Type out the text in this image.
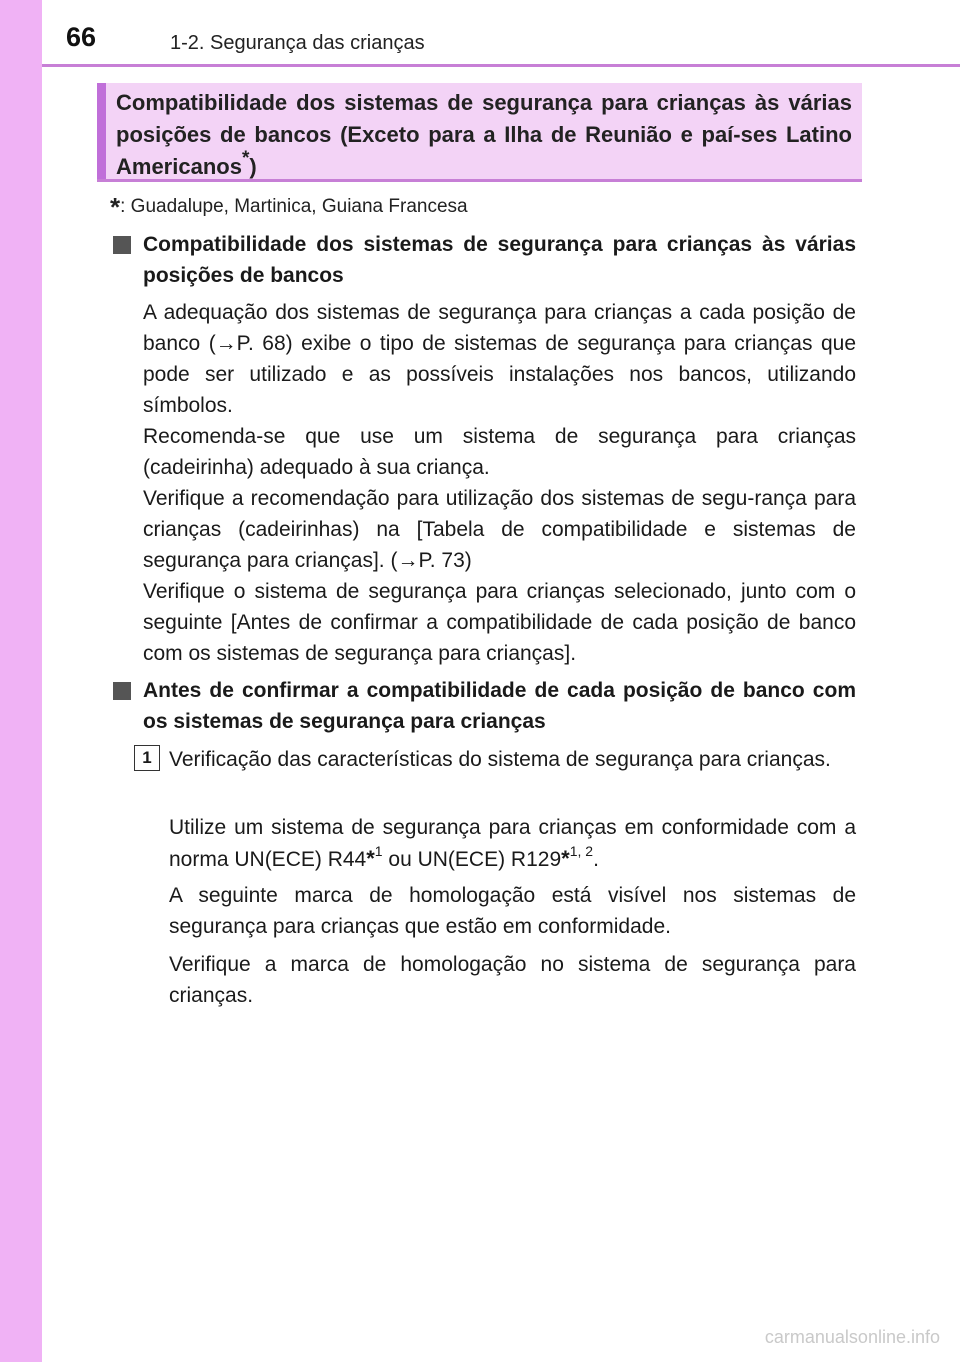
66	1-2. Segurança das crianças
Compatibilidade dos sistemas de segurança para crianças às várias posições de bancos (Exceto para a Ilha de Reunião e paí-ses Latino Americanos*)
*: Guadalupe, Martinica, Guiana Francesa
Compatibilidade dos sistemas de segurança para crianças às várias posições de bancos
A adequação dos sistemas de segurança para crianças a cada posição de banco (→P. 68) exibe o tipo de sistemas de segurança para crianças que pode ser utilizado e as possíveis instalações nos bancos, utilizando símbolos.
Recomenda-se que use um sistema de segurança para crianças (cadeirinha) adequado à sua criança.
Verifique a recomendação para utilização dos sistemas de segu-rança para crianças (cadeirinhas) na [Tabela de compatibilidade e sistemas de segurança para crianças]. (→P. 73)
Verifique o sistema de segurança para crianças selecionado, junto com o seguinte [Antes de confirmar a compatibilidade de cada posição de banco com os sistemas de segurança para crianças].
Antes de confirmar a compatibilidade de cada posição de banco com os sistemas de segurança para crianças
1 Verificação das características do sistema de segurança para crianças.
Utilize um sistema de segurança para crianças em conformidade com a norma UN(ECE) R44*$^1$ ou UN(ECE) R129*$^{1, 2}$.
A seguinte marca de homologação está visível nos sistemas de segurança para crianças que estão em conformidade.
Verifique a marca de homologação no sistema de segurança para crianças.
carmanualsonline.info
